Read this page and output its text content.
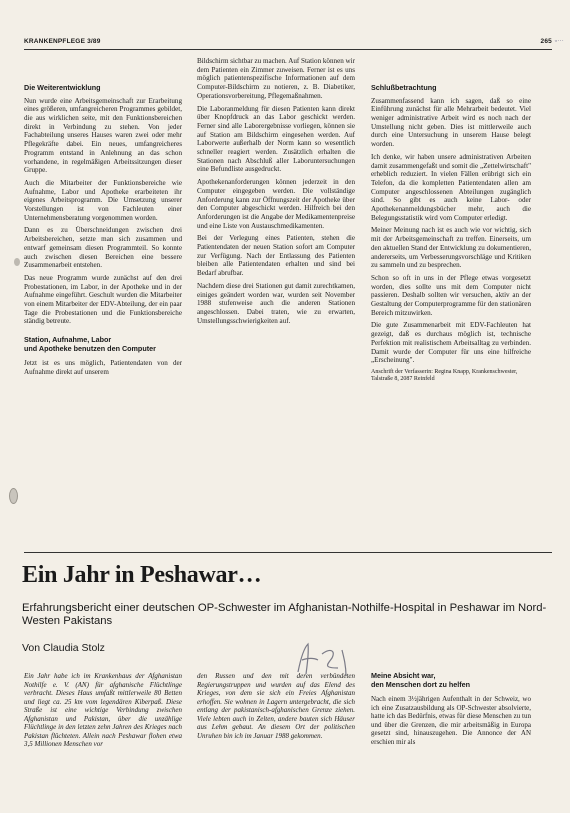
KRANKENPFLEGE 3/89	265 „…
Die Weiterentwicklung

Nun wurde eine Arbeitsgemeinschaft zur Erarbeitung eines größeren, umfangreicheren Programmes gebildet, die aus wirklichen seite, mit den Funktionsbereichen direkt in Verbindung zu stehen. Von jeder Fachabteilung unseres Hauses waren zwei oder mehr Pflegekräfte dabei. Ein neues, umfangreicheres Programm entstand in Anlehnung an das schon vorhandene, in regelmäßigen Arbeitssitzungen dieser Gruppe.

Auch die Mitarbeiter der Funktionsbereiche wie Aufnahme, Labor und Apotheke erarbeiteten ihr eigenes Arbeitsprogramm. Die Umsetzung unserer Vorstellungen ist von Fachleuten einer Unternehmensberatung vorgenommen worden.

Dann es zu Überschneidungen zwischen drei Arbeitsbereichen, setzte man sich zusammen und entwarf gemeinsam diesen Programmteil. So konnte auch zwischen diesen Bereichen eine bessere Zusammenarbeit entstehen.

Das neue Programm wurde zunächst auf den drei Probestationen, im Labor, in der Apotheke und in der Aufnahme eingeführt. Geschult wurden die Mitarbeiter von einem Mitarbeiter der EDV-Abteilung, der ein paar Tage die Probestationen und die Funktionsbereiche ständig betreute.

Station, Aufnahme, Labor
und Apotheke benutzen den Computer

Jetzt ist es uns möglich, Patientendaten von der Aufnahme direkt auf unserem

Bildschirm sichtbar zu machen. Auf Station können wir dem Patienten ein Zimmer zuweisen. Ferner ist es uns möglich patientenspezifische Informationen auf dem Computer-Bildschirm zu notieren, z. B. Diabetiker, Operationsvorbereitung, Pflegemaßnahmen.

Die Laboranmeldung für diesen Patienten kann direkt über Knopfdruck an das Labor geschickt werden. Ferner sind alle Laborergebnisse vorliegen, können sie auf Station am Bildschirm eingesehen werden. Auf Laborwerte außerhalb der Norm kann so wesentlich schneller reagiert werden. Zusätzlich erhalten die Stationen nach Abschluß aller Laboruntersuchungen eine Befundliste ausgedruckt.

Apothekenanforderungen können jederzeit in den Computer eingegeben werden. Die vollständige Anforderung kann zur Öffnungszeit der Apotheke über den Computer abgeschickt werden. Hilfreich bei den Anforderungen ist die Angabe der Medikamentenpreise und eine Liste von Austauschmedikamenten.

Bei der Verlegung eines Patienten, stehen die Patientendaten der neuen Station sofort am Computer zur Verfügung. Nach der Entlassung des Patienten bleiben alle Patientendaten erhalten und sind bei Bedarf abrufbar.

Nachdem diese drei Stationen gut damit zurechtkamen, einiges geändert worden war, wurden seit November 1988 stufenweise auch die anderen Stationen angeschlossen. Dabei traten, wie zu erwarten, Umstellungsschwierigkeiten auf.

Schlußbetrachtung

Zusammenfassend kann ich sagen, daß so eine Einführung zunächst für alle Mehrarbeit bedeutet. Viel weniger administrative Arbeit wird es noch nach der Umstellung nicht geben. Dies ist mittlerweile auch durch eine Untersuchung in unserem Hause belegt worden.

Ich denke, wir haben unsere administrativen Arbeiten damit zusammengefaßt und somit die „Zettelwirtschaft" erheblich reduziert. In vielen Fällen erübrigt sich ein Telefon, da die kompletten Patientendaten allen am Computer angeschlossenen Abteilungen zugänglich sind. So gibt es auch keine Labor- oder Apothekenanmeldungsbücher mehr, auch die Belegungsstatistik wird vom Computer erledigt.

Meiner Meinung nach ist es auch wie vor wichtig, sich mit der Arbeitsgemeinschaft zu treffen. Einerseits, um den aktuellen Stand der Entwicklung zu dokumentieren, andererseits, um Verbesserungsvorschläge und Kritiken zu sammeln und zu besprechen.

Schon so oft in uns in der Pflege etwas vorgesetzt worden, dies sollte uns mit dem Computer nicht passieren. Deshalb sollten wir versuchen, aktiv an der Gestaltung der Computerprogramme für den stationären Bereich mitzuwirken.

Die gute Zusammenarbeit mit EDV-Fachleuten hat gezeigt, daß es durchaus möglich ist, technische Perfektion mit realistischem Arbeitsalltag zu verbinden. Damit wurde der Computer für uns eine hilfreiche „Erscheinung".

Anschrift der Verfasserin: Regina Knapp, Krankenschwester, Talstraße 8, 2087 Reinfeld
Ein Jahr in Peshawar…
Erfahrungsbericht einer deutschen OP-Schwester im Afghanistan-Nothilfe-Hospital in Peshawar im Nord-Westen Pakistans
Von Claudia Stolz

Ein Jahr habe ich im Krankenhaus der Afghanistan Nothilfe e. V. (AN) für afghanische Flüchtlinge verbracht. Dieses Haus umfaßt mittlerweile 80 Betten und liegt ca. 25 km vom legendären Kiberpaß. Diese Straße ist eine wichtige Verbindung zwischen Afghanistan und Pakistan, über die unzählige Flüchtlinge in den letzten zehn Jahren des Krieges nach Pakistan flüchteten. Allein nach Peshawar flohen etwa 3,5 Millionen Menschen vor

den Russen und den mit deren verbündeten Regierungstruppen und wurden auf das Elend des Krieges, von dem sie sich ein Freies Afghanistan erhoffen. Sie wohnen in Lagern untergebracht, die sich entlang der pakistanisch-afghanischen Grenze ziehen. Viele lebten auch in Zelten, andere bauten sich Häuser aus Lehm gebaut. An diesem Ort der politischen Unruhen bin ich im Januar 1988 gekommen.

Meine Absicht war,
den Menschen dort zu helfen

Nach einem 3½jährigen Aufenthalt in der Schweiz, wo ich eine Zusatzausbildung als OP-Schwester absolvierte, hatte ich das Bedürfnis, etwas für diese Menschen zu tun und über die Grenzen, die mir arbeitsmäßig in Europa gesetzt sind, hinauszugehen. Die Annonce der AN erschien mir als
